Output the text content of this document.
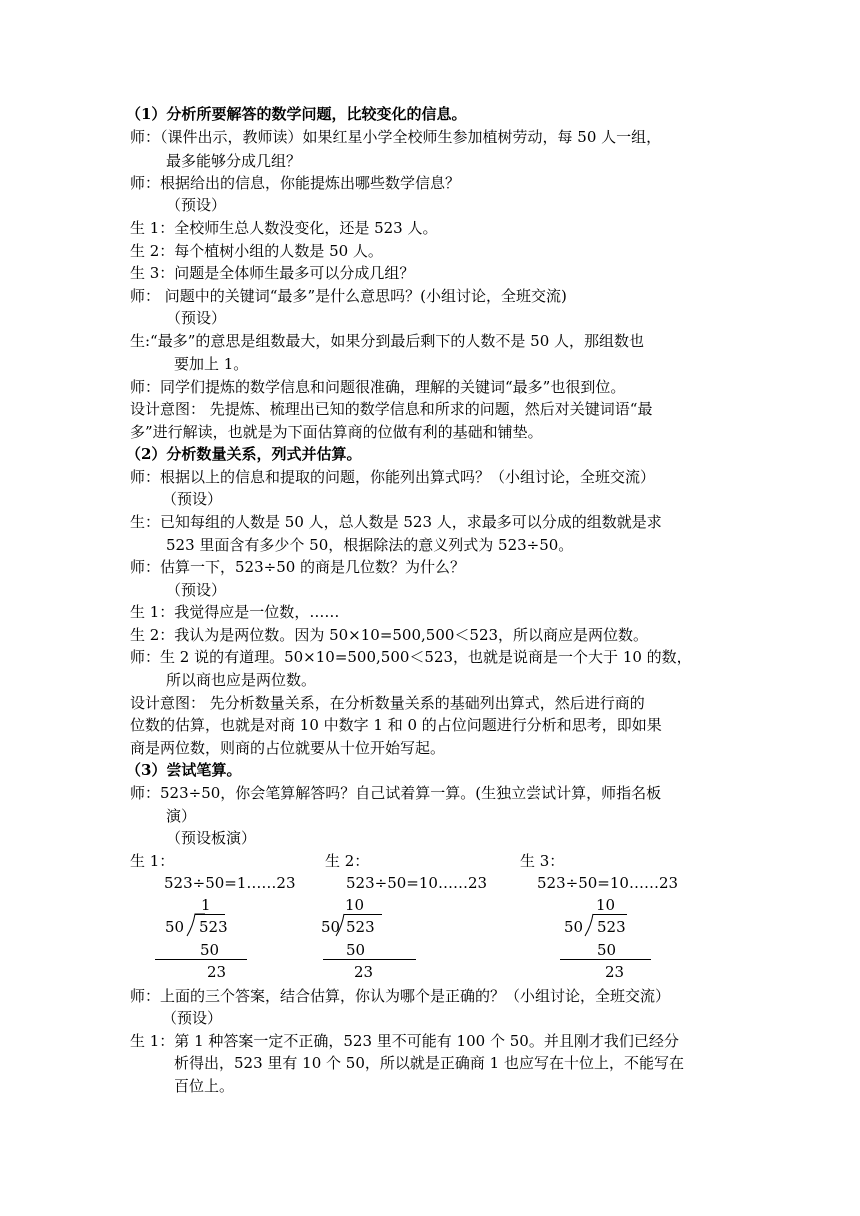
（1）分析所要解答的数学问题，比较变化的信息。
师：（课件出示，教师读）如果红星小学全校师生参加植树劳动，每 50 人一组，
最多能够分成几组？
师：根据给出的信息，你能提炼出哪些数学信息？
（预设）
生 1：全校师生总人数没变化，还是 523 人。
生 2：每个植树小组的人数是 50 人。
生 3：问题是全体师生最多可以分成几组？
师： 问题中的关键词“最多”是什么意思吗？(小组讨论，全班交流)
（预设）
生:“最多”的意思是组数最大，如果分到最后剩下的人数不是 50 人，那组数也
要加上 1。
师：同学们提炼的数学信息和问题很准确，理解的关键词“最多”也很到位。
设计意图： 先提炼、梳理出已知的数学信息和所求的问题，然后对关键词语“最
多”进行解读，也就是为下面估算商的位做有利的基础和铺垫。
（2）分析数量关系，列式并估算。
师：根据以上的信息和提取的问题，你能列出算式吗？（小组讨论，全班交流）
（预设）
生：已知每组的人数是 50 人，总人数是 523 人，求最多可以分成的组数就是求
523 里面含有多少个 50，根据除法的意义列式为 523÷50。
师：估算一下，523÷50 的商是几位数？为什么？
（预设）
生 1：我觉得应是一位数，……
生 2：我认为是两位数。因为 50×10=500,500＜523，所以商应是两位数。
师：生 2 说的有道理。50×10=500,500＜523，也就是说商是一个大于 10 的数，
所以商也应是两位数。
设计意图： 先分析数量关系，在分析数量关系的基础列出算式，然后进行商的
位数的估算，也就是对商 10 中数字 1 和 0 的占位问题进行分析和思考，即如果
商是两位数，则商的占位就要从十位开始写起。
（3）尝试笔算。
师：523÷50，你会笔算解答吗？自己试着算一算。(生独立尝试计算，师指名板
演）
（预设板演）
生 1：
523÷50=1……23
1
50 523
50
23
生 2：
523÷50=10……23
10
50 523
50
23
生 3：
523÷50=10……23
10
50 523
50
23
师：上面的三个答案，结合估算，你认为哪个是正确的？（小组讨论，全班交流）
（预设）
生 1：第 1 种答案一定不正确，523 里不可能有 100 个 50。并且刚才我们已经分
析得出，523 里有 10 个 50，所以就是正确商 1 也应写在十位上，不能写在
百位上。
